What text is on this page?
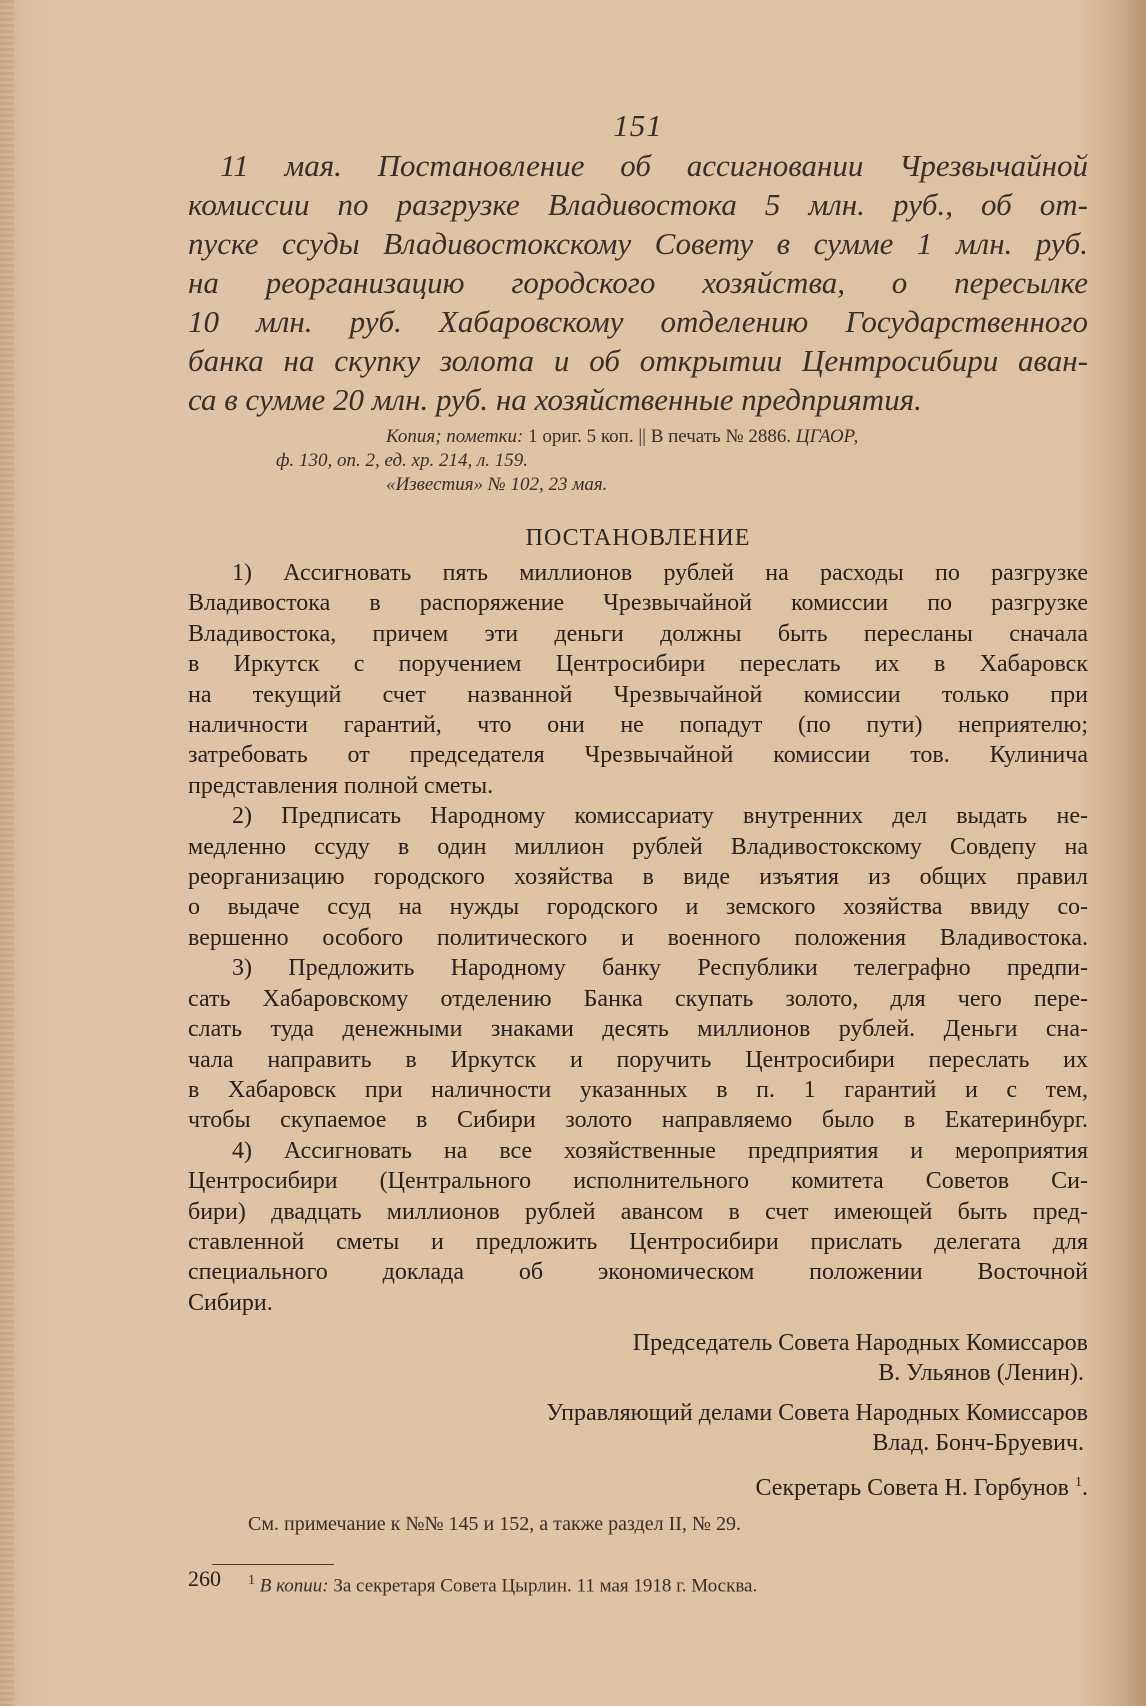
151
11 мая. Постановление об ассигновании Чрезвычайной
комиссии по разгрузке Владивостока 5 млн. руб., об от-
пуске ссуды Владивостокскому Совету в сумме 1 млн. руб.
на реорганизацию городского хозяйства, о пересылке
10 млн. руб. Хабаровскому отделению Государственного
банка на скупку золота и об открытии Центросибири аван-
са в сумме 20 млн. руб. на хозяйственные предприятия.
Копия; пометки: 1 ориг. 5 коп. || В печать № 2886. ЦГАОР,
ф. 130, оп. 2, ед. хр. 214, л. 159.
«Известия» № 102, 23 мая.
ПОСТАНОВЛЕНИЕ

1) Ассигновать пять миллионов рублей на расходы по разгрузке
Владивостока в распоряжение Чрезвычайной комиссии по разгрузке
Владивостока, причем эти деньги должны быть пересланы сначала
в Иркутск с поручением Центросибири переслать их в Хабаровск
на текущий счет названной Чрезвычайной комиссии только при
наличности гарантий, что они не попадут (по пути) неприятелю;
затребовать от председателя Чрезвычайной комиссии тов. Кулинича
представления полной сметы.

2) Предписать Народному комиссариату внутренних дел выдать не-
медленно ссуду в один миллион рублей Владивостокскому Совдепу на
реорганизацию городского хозяйства в виде изъятия из общих правил
о выдаче ссуд на нужды городского и земского хозяйства ввиду со-
вершенно особого политического и военного положения Владивостока.

3) Предложить Народному банку Республики телеграфно предпи-
сать Хабаровскому отделению Банка скупать золото, для чего пере-
слать туда денежными знаками десять миллионов рублей. Деньги сна-
чала направить в Иркутск и поручить Центросибири переслать их
в Хабаровск при наличности указанных в п. 1 гарантий и с тем,
чтобы скупаемое в Сибири золото направляемо было в Екатеринбург.

4) Ассигновать на все хозяйственные предприятия и мероприятия
Центросибири (Центрального исполнительного комитета Советов Си-
бири) двадцать миллионов рублей авансом в счет имеющей быть пред-
ставленной сметы и предложить Центросибири прислать делегата для
специального доклада об экономическом положении Восточной
Сибири.

Председатель Совета Народных Комиссаров
В. Ульянов (Ленин).
Управляющий делами Совета Народных Комиссаров
Влад. Бонч-Бруевич.
Секретарь Совета Н. Горбунов $^1$.
См. примечание к №№ 145 и 152, а также раздел II, № 29.
$^1$ В копии: За секретаря Совета Цырлин. 11 мая 1918 г. Москва.
260
